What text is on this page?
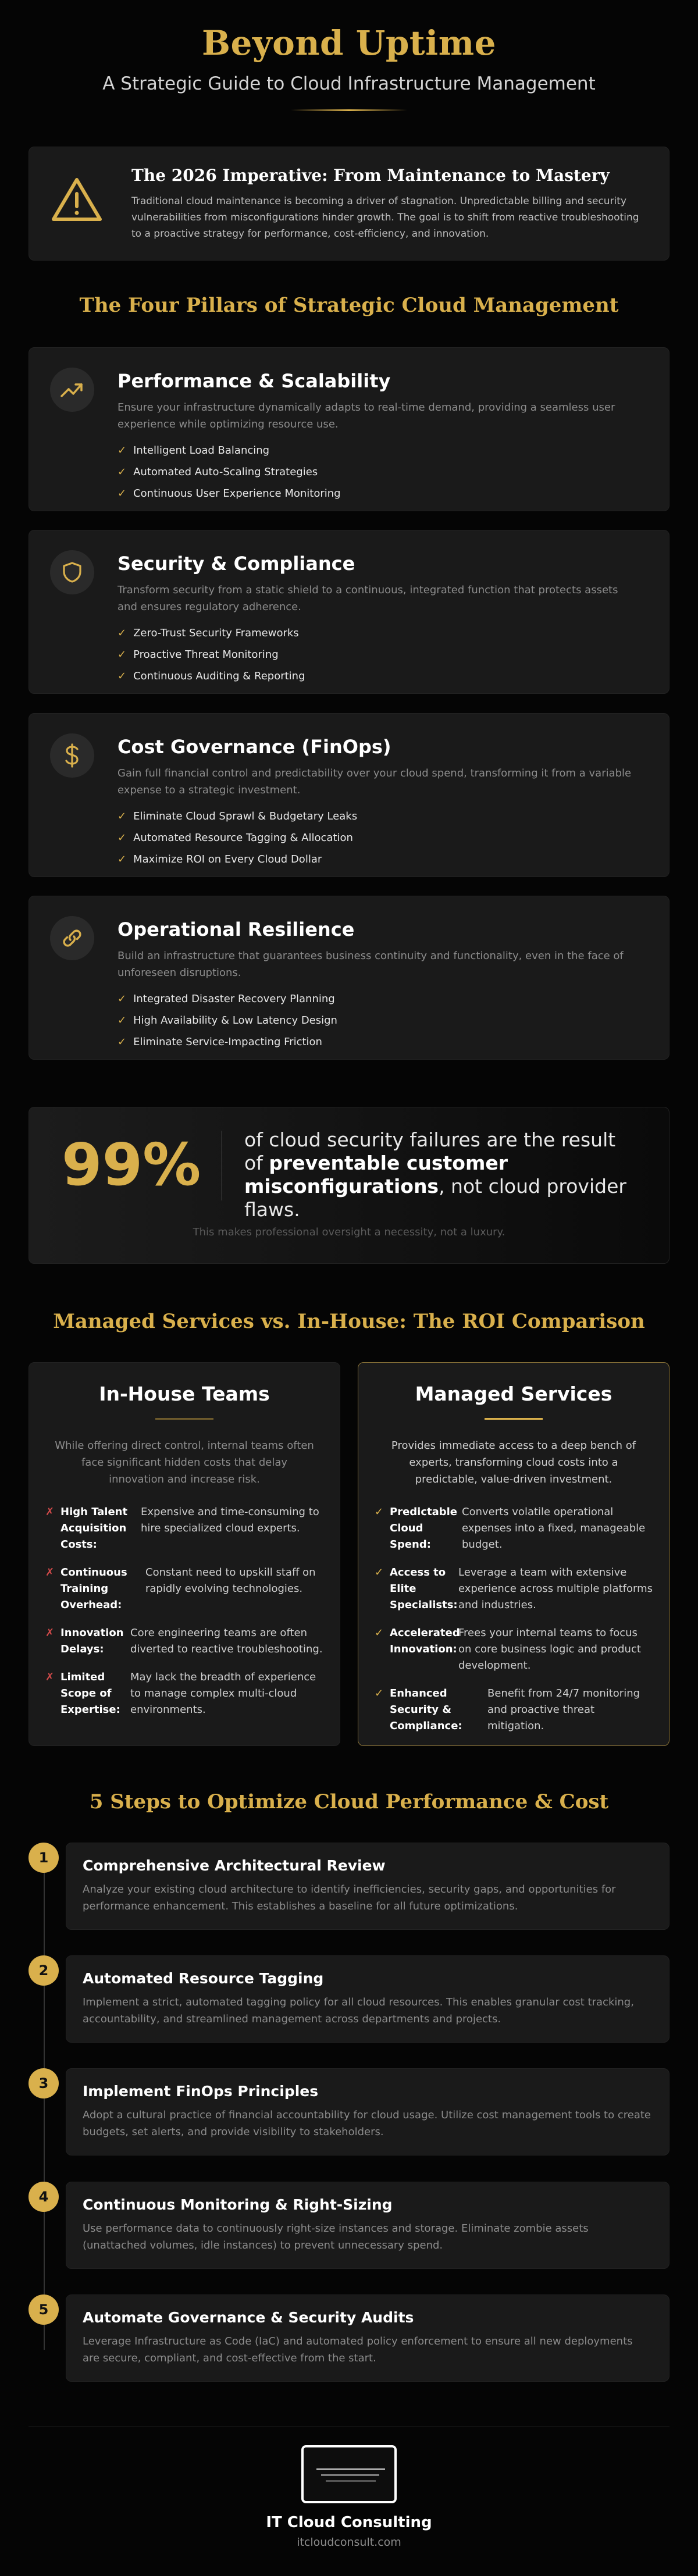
Beyond Uptime
A Strategic Guide to Cloud Infrastructure Management
The 2026 Imperative: From Maintenance to Mastery

Traditional cloud maintenance is becoming a driver of stagnation. Unpredictable billing and security vulnerabilities from misconfigurations hinder growth. The goal is to shift from reactive troubleshooting to a proactive strategy for performance, cost-efficiency, and innovation.

The Four Pillars of Strategic Cloud Management
Performance & Scalability

Ensure your infrastructure dynamically adapts to real-time demand, providing a seamless user experience while optimizing resource use.

✓ Intelligent Load Balancing
✓ Automated Auto-Scaling Strategies
✓ Continuous User Experience Monitoring
Security & Compliance

Transform security from a static shield to a continuous, integrated function that protects assets and ensures regulatory adherence.

✓ Zero-Trust Security Frameworks
✓ Proactive Threat Monitoring
✓ Continuous Auditing & Reporting
Cost Governance (FinOps)

Gain full financial control and predictability over your cloud spend, transforming it from a variable expense to a strategic investment.

✓ Eliminate Cloud Sprawl & Budgetary Leaks
✓ Automated Resource Tagging & Allocation
✓ Maximize ROI on Every Cloud Dollar
Operational Resilience

Build an infrastructure that guarantees business continuity and functionality, even in the face of unforeseen disruptions.

✓ Integrated Disaster Recovery Planning
✓ High Availability & Low Latency Design
✓ Eliminate Service-Impacting Friction
99% of cloud security failures are the result of preventable customer misconfigurations, not cloud provider flaws.

This makes professional oversight a necessity, not a luxury.

Managed Services vs. In-House: The ROI Comparison
In-House Teams

While offering direct control, internal teams often face significant hidden costs that delay innovation and increase risk.

✗ High Talent Acquisition Costs:
Expensive and time-consuming to hire specialized cloud experts.
✗ Continuous Training Overhead:
Constant need to upskill staff on rapidly evolving technologies.
✗ Innovation Delays:
Core engineering teams are often diverted to reactive troubleshooting.
✗ Limited Scope of Expertise:
May lack the breadth of experience to manage complex multi-cloud environments.
Managed Services

Provides immediate access to a deep bench of experts, transforming cloud costs into a predictable, value-driven investment.

✓ Predictable Cloud Spend:
Converts volatile operational expenses into a fixed, manageable budget.
✓ Access to Elite Specialists:
Leverage a team with extensive experience across multiple platforms and industries.
✓ Accelerated Innovation:
Frees your internal teams to focus on core business logic and product development.
✓ Enhanced Security & Compliance:
Benefit from 24/7 monitoring and proactive threat mitigation.
5 Steps to Optimize Cloud Performance & Cost
1	Comprehensive Architectural Review

Analyze your existing cloud architecture to identify inefficiencies, security gaps, and opportunities for performance enhancement. This establishes a baseline for all future optimizations.

2	Automated Resource Tagging

Implement a strict, automated tagging policy for all cloud resources. This enables granular cost tracking, accountability, and streamlined management across departments and projects.

3	Implement FinOps Principles

Adopt a cultural practice of financial accountability for cloud usage. Utilize cost management tools to create budgets, set alerts, and provide visibility to stakeholders.

4	Continuous Monitoring & Right-Sizing

Use performance data to continuously right-size instances and storage. Eliminate zombie assets (unattached volumes, idle instances) to prevent unnecessary spend.

5	Automate Governance & Security Audits

Leverage Infrastructure as Code (IaC) and automated policy enforcement to ensure all new deployments are secure, compliant, and cost-effective from the start.

IT Cloud Consulting
itcloudconsult.com
